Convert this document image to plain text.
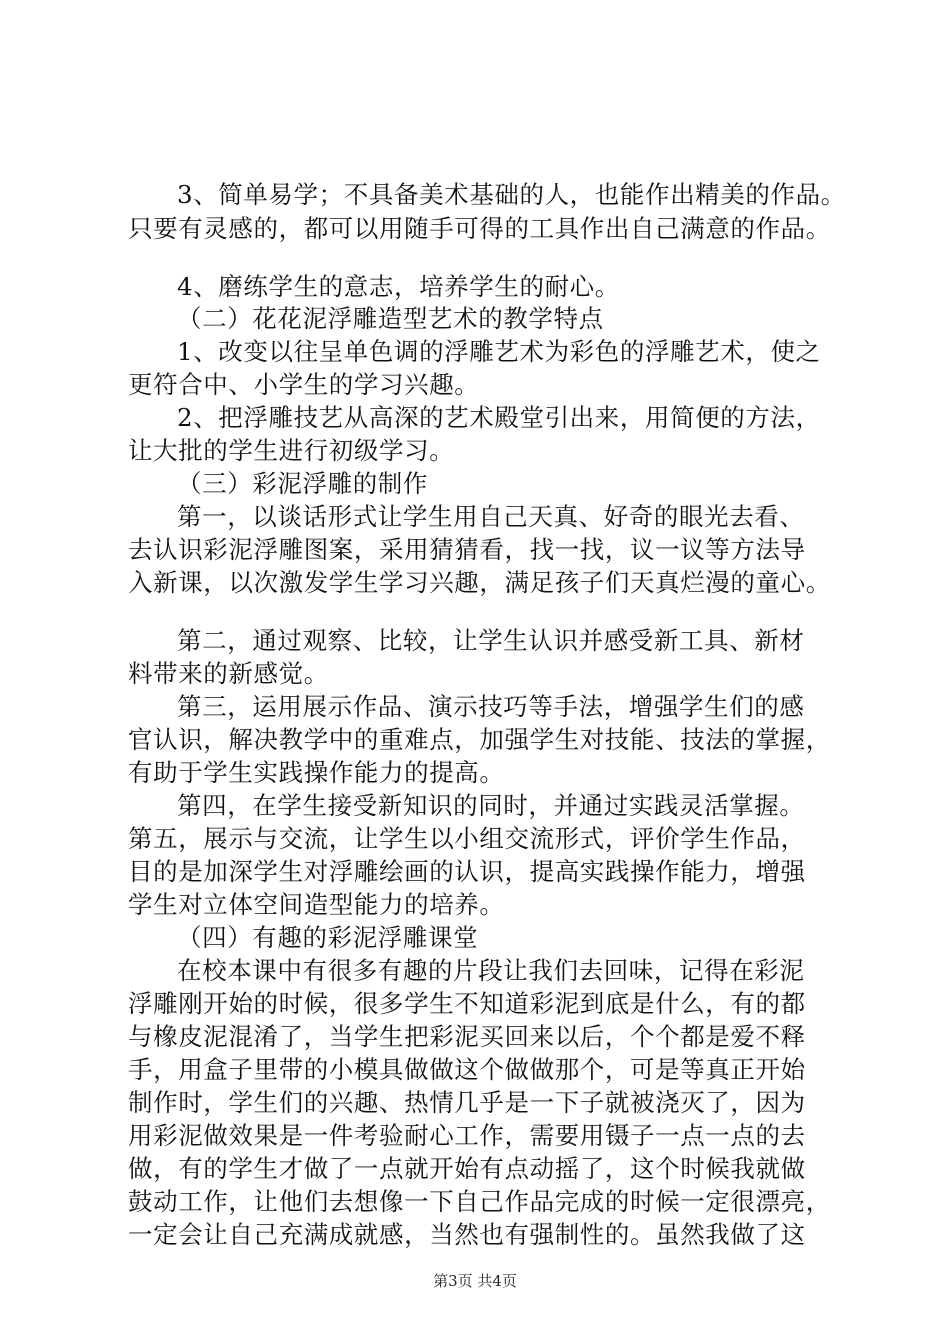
3、简单易学；不具备美术基础的人，也能作出精美的作品。
只要有灵感的，都可以用随手可得的工具作出自己满意的作品。
4、磨练学生的意志，培养学生的耐心。
（二）花花泥浮雕造型艺术的教学特点
1、改变以往呈单色调的浮雕艺术为彩色的浮雕艺术，使之
更符合中、小学生的学习兴趣。
2、把浮雕技艺从高深的艺术殿堂引出来，用简便的方法，
让大批的学生进行初级学习。
（三）彩泥浮雕的制作
第一，以谈话形式让学生用自己天真、好奇的眼光去看、
去认识彩泥浮雕图案，采用猜猜看，找一找，议一议等方法导
入新课，以次激发学生学习兴趣，满足孩子们天真烂漫的童心。
第二，通过观察、比较，让学生认识并感受新工具、新材
料带来的新感觉。
第三，运用展示作品、演示技巧等手法，增强学生们的感
官认识，解决教学中的重难点，加强学生对技能、技法的掌握，
有助于学生实践操作能力的提高。
第四，在学生接受新知识的同时，并通过实践灵活掌握。
第五，展示与交流，让学生以小组交流形式，评价学生作品，
目的是加深学生对浮雕绘画的认识，提高实践操作能力，增强
学生对立体空间造型能力的培养。
（四）有趣的彩泥浮雕课堂
在校本课中有很多有趣的片段让我们去回味，记得在彩泥
浮雕刚开始的时候，很多学生不知道彩泥到底是什么，有的都
与橡皮泥混淆了，当学生把彩泥买回来以后，个个都是爱不释
手，用盒子里带的小模具做做这个做做那个，可是等真正开始
制作时，学生们的兴趣、热情几乎是一下子就被浇灭了，因为
用彩泥做效果是一件考验耐心工作，需要用镊子一点一点的去
做，有的学生才做了一点就开始有点动摇了，这个时候我就做
鼓动工作，让他们去想像一下自己作品完成的时候一定很漂亮，
一定会让自己充满成就感，当然也有强制性的。虽然我做了这
第3页 共4页
